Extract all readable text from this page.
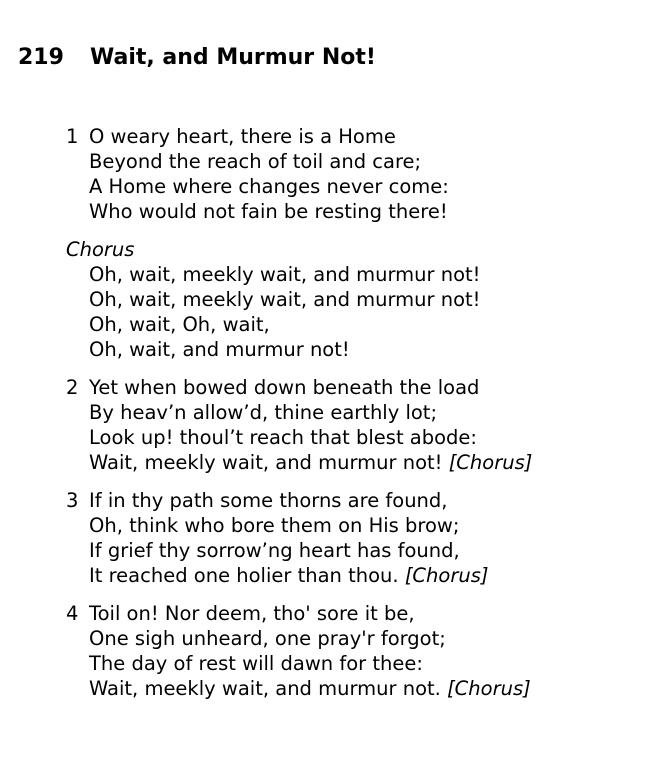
219 Wait, and Murmur Not!
1 O weary heart, there is a Home
Beyond the reach of toil and care;
A Home where changes never come:
Who would not fain be resting there!
Chorus
Oh, wait, meekly wait, and murmur not!
Oh, wait, meekly wait, and murmur not!
Oh, wait, Oh, wait,
Oh, wait, and murmur not!
2 Yet when bowed down beneath the load
By heav’n allow’d, thine earthly lot;
Look up! thoul’t reach that blest abode:
Wait, meekly wait, and murmur not! [Chorus]
3 If in thy path some thorns are found,
Oh, think who bore them on His brow;
If grief thy sorrow’ng heart has found,
It reached one holier than thou. [Chorus]
4 Toil on! Nor deem, tho' sore it be,
One sigh unheard, one pray'r forgot;
The day of rest will dawn for thee:
Wait, meekly wait, and murmur not. [Chorus]
